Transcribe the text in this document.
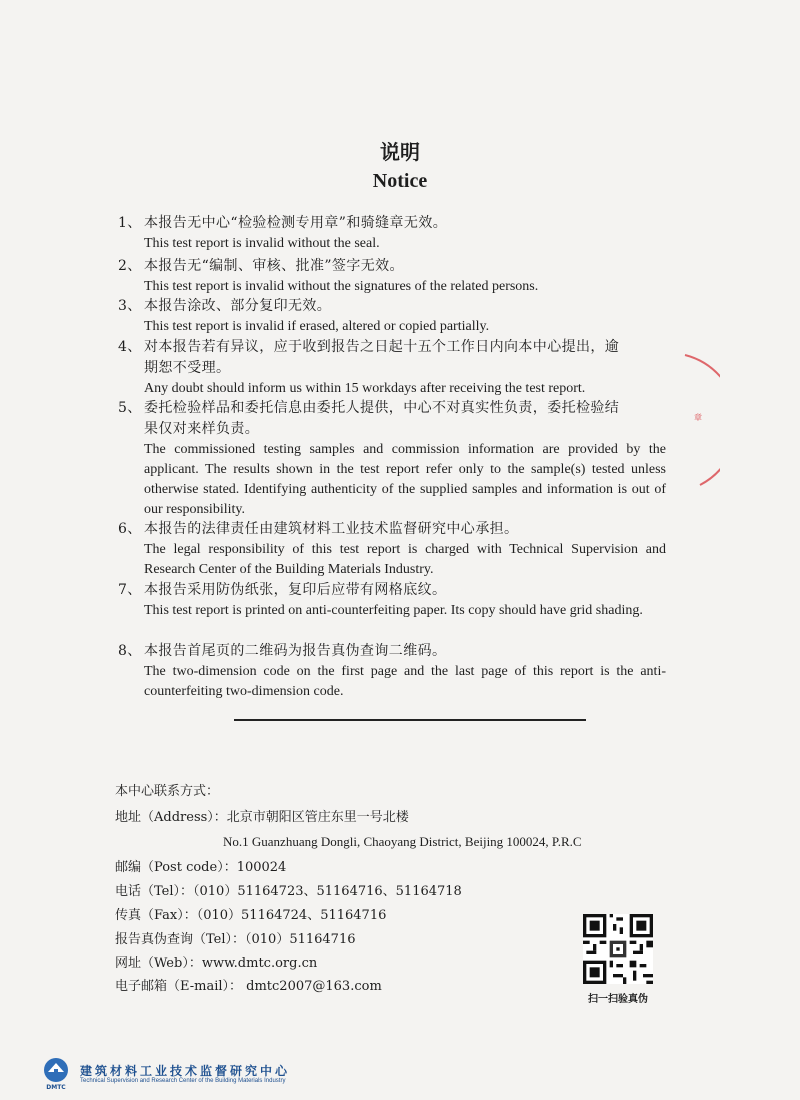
说明
Notice
1、 本报告无中心“检验检测专用章”和骑缝章无效。
This test report is invalid without the seal.
2、 本报告无“编制、审核、批准”签字无效。
This test report is invalid without the signatures of the related persons.
3、 本报告涂改、部分复印无效。
This test report is invalid if erased, altered or copied partially.
4、 对本报告若有异议，应于收到报告之日起十五个工作日内向本中心提出，逾
期恕不受理。
Any doubt should inform us within 15 workdays after receiving the test report.
5、 委托检验样品和委托信息由委托人提供，中心不对真实性负责，委托检验结
果仅对来样负责。
The commissioned testing samples and commission information are provided by the applicant. The results shown in the test report refer only to the sample(s) tested unless otherwise stated. Identifying authenticity of the supplied samples and information is out of our responsibility.
6、 本报告的法律责任由建筑材料工业技术监督研究中心承担。
The legal responsibility of this test report is charged with Technical Supervision and Research Center of the Building Materials Industry.
7、 本报告采用防伪纸张，复印后应带有网格底纹。
This test report is printed on anti-counterfeiting paper. Its copy should have grid shading.
8、 本报告首尾页的二维码为报告真伪查询二维码。
The two-dimension code on the first page and the last page of this report is the anti-counterfeiting two-dimension code.
本中心联系方式：
地址（Address）：北京市朝阳区管庄东里一号北楼
No.1 Guanzhuang Dongli, Chaoyang District, Beijing 100024, P.R.C
邮编（Post code）：100024
电话（Tel）：（010）51164723、51164716、51164718
传真（Fax）：（010）51164724、51164716
报告真伪查询（Tel）：（010）51164716
网址（Web）：www.dmtc.org.cn
电子邮箱（E-mail）： dmtc2007@163.com
扫一扫验真伪
章
DMTC
建筑材料工业技术监督研究中心
Technical Supervision and Research Center of the Building Materials Industry
